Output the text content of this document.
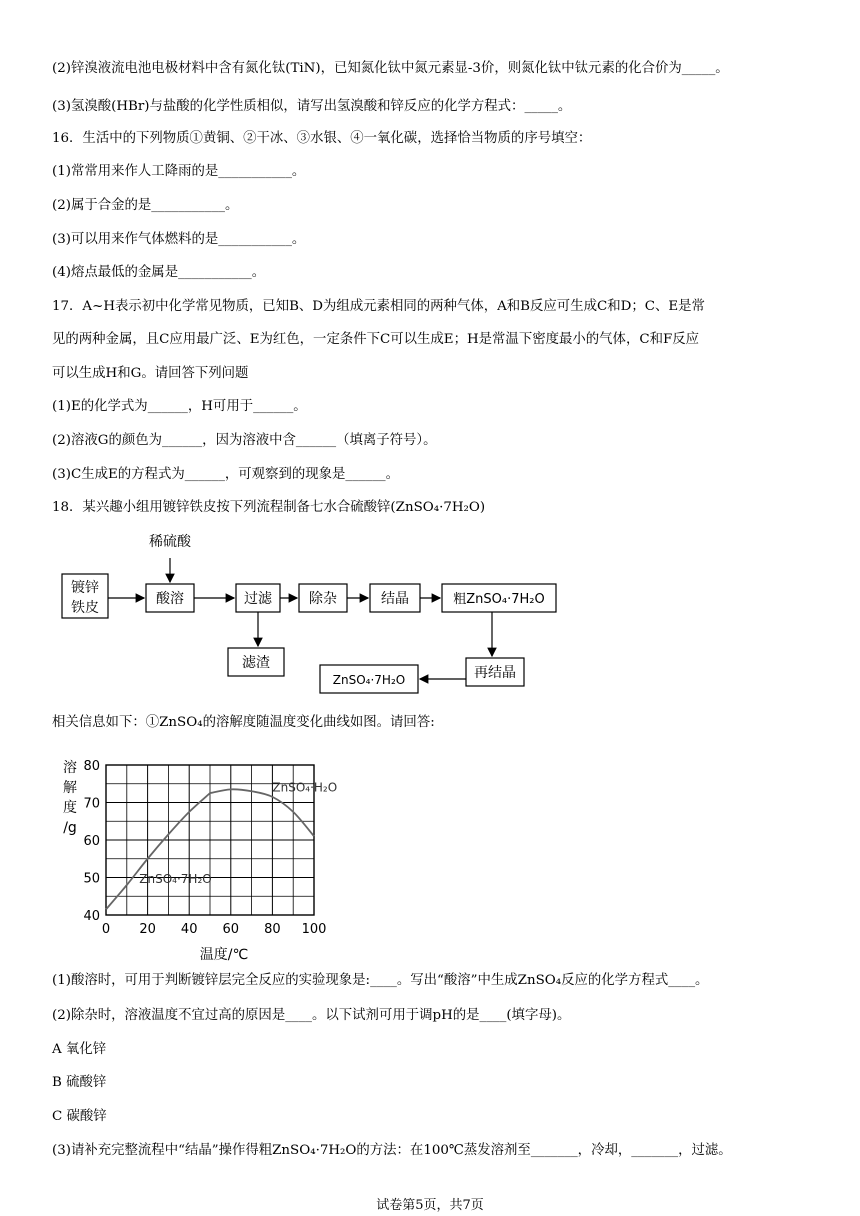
(2)锌溴液流电池电极材料中含有氮化钛(TiN)，已知氮化钛中氮元素显-3价，则氮化钛中钛元素的化合价为_____。
(3)氢溴酸(HBr)与盐酸的化学性质相似，请写出氢溴酸和锌反应的化学方程式：_____。
16．生活中的下列物质①黄铜、②干冰、③水银、④一氧化碳，选择恰当物质的序号填空：
(1)常常用来作人工降雨的是___________。
(2)属于合金的是___________。
(3)可以用来作气体燃料的是___________。
(4)熔点最低的金属是___________。
17．A~H表示初中化学常见物质，已知B、D为组成元素相同的两种气体，A和B反应可生成C和D；C、E是常
见的两种金属，且C应用最广泛、E为红色，一定条件下C可以生成E；H是常温下密度最小的气体，C和F反应
可以生成H和G。请回答下列问题
(1)E的化学式为______，H可用于______。
(2)溶液G的颜色为______，因为溶液中含______（填离子符号）。
(3)C生成E的方程式为______，可观察到的现象是______。
18．某兴趣小组用镀锌铁皮按下列流程制备七水合硫酸锌(ZnSO₄·7H₂O)
稀硫酸
镀锌
铁皮
酸溶	过滤	除杂	结晶	粗ZnSO₄·7H₂O
滤渣
再结晶
ZnSO₄·7H₂O
相关信息如下：①ZnSO₄的溶解度随温度变化曲线如图。请回答:
0 20 40 60 80 100
40
50
60
70
80
溶
解
度
/g
温度/℃
ZnSO₄·7H₂O
ZnSO₄·H₂O
(1)酸溶时，可用于判断镀锌层完全反应的实验现象是:____。写出“酸溶”中生成ZnSO₄反应的化学方程式____。
(2)除杂时，溶液温度不宜过高的原因是____。以下试剂可用于调pH的是____(填字母)。
A 氧化锌
B 硫酸锌
C 碳酸锌
(3)请补充完整流程中“结晶”操作得粗ZnSO₄·7H₂O的方法：在100℃蒸发溶剂至_______，冷却，_______，过滤。
试卷第5页，共7页
